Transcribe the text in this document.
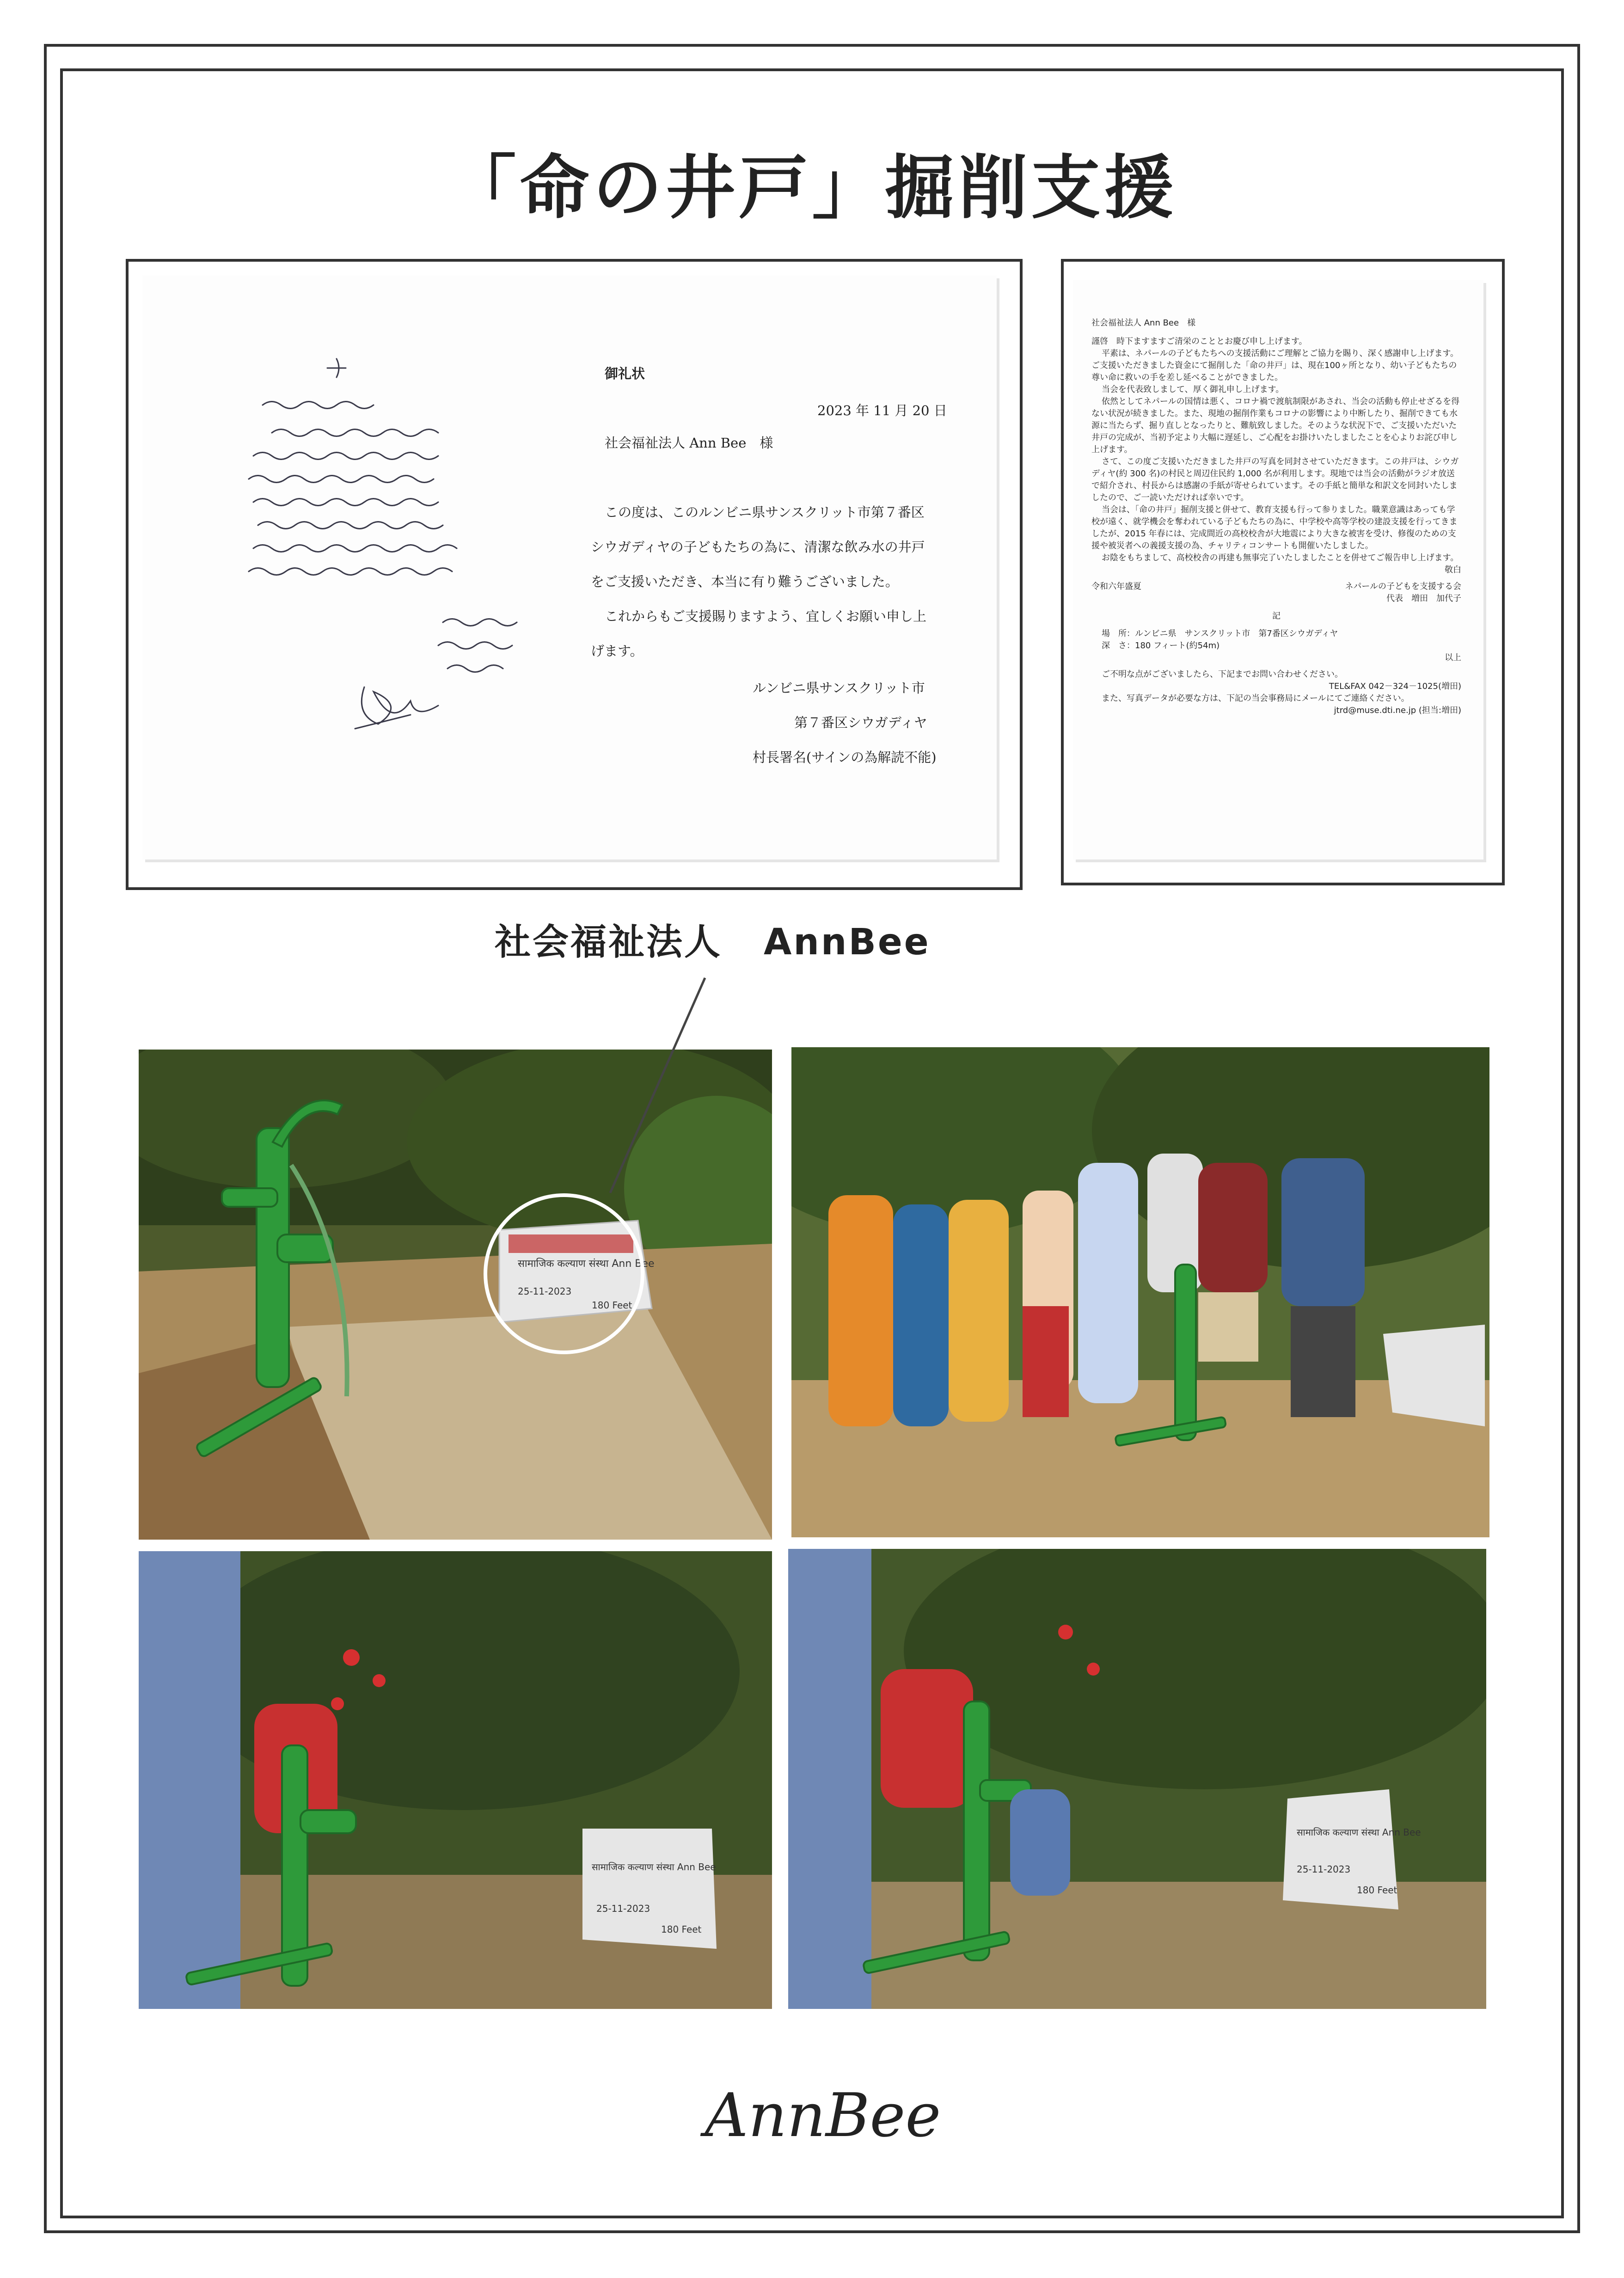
「命の井戸」掘削支援
御礼状
2023 年 11 月 20 日
社会福祉法人 Ann Bee　様
この度は、このルンビニ県サンスクリット市第７番区
シウガディヤの子どもたちの為に、清潔な飲み水の井戸
をご支援いただき、本当に有り難うございました。
これからもご支援賜りますよう、宜しくお願い申し上
げます。
ルンビニ県サンスクリット市
第７番区シウガディヤ
村長署名(サインの為解読不能)

社会福祉法人 Ann Bee　様

謹啓　時下ますますご清栄のこととお慶び申し上げます。

平素は、ネパールの子どもたちへの支援活動にご理解とご協力を賜り、深く感謝申し上げます。ご支援いただきました資金にて掘削した「命の井戸」は、現在100ヶ所となり、幼い子どもたちの尊い命に救いの手を差し延べることができました。

当会を代表致しまして、厚く御礼申し上げます。

依然としてネパールの国情は悪く、コロナ禍で渡航制限があされ、当会の活動も停止せざるを得ない状況が続きました。また、現地の掘削作業もコロナの影響により中断したり、掘削できても水源に当たらず、掘り直しとなったりと、難航致しました。そのような状況下で、ご支援いただいた井戸の完成が、当初予定より大幅に遅延し、ご心配をお掛けいたしましたことを心よりお詫び申し上げます。

さて、この度ご支援いただきました井戸の写真を同封させていただきます。この井戸は、シウガディヤ(約 300 名)の村民と周辺住民約 1,000 名が利用します。現地では当会の活動がラジオ放送で紹介され、村長からは感謝の手紙が寄せられています。その手紙と簡単な和訳文を同封いたしましたので、ご一読いただければ幸いです。

当会は、「命の井戸」掘削支援と併せて、教育支援も行って参りました。職業意識はあっても学校が遠く、就学機会を奪われている子どもたちの為に、中学校や高等学校の建設支援を行ってきましたが、2015 年春には、完成間近の高校校舎が大地震により大きな被害を受け、修復のための支援や被災者への義援支援の為、チャリティコンサートも開催いたしました。

お陰をもちまして、高校校舎の再建も無事完了いたしましたことを併せてご報告申し上げます。

敬白

令和六年盛夏	ネパールの子どもを支援する会

代表　増田　加代子

記

場　所：ルンビニ県　サンスクリット市　第7番区シウガディヤ

深　さ：180 フィート(約54m)

以上

ご不明な点がございましたら、下記までお問い合わせください。

TEL&FAX 042－324－1025(増田)

また、写真データが必要な方は、下記の当会事務局にメールにてご連絡ください。

jtrd@muse.dti.ne.jp (担当:増田)

社会福祉法人 AnnBee
सामाजिक कल्याण संस्था Ann Bee
25-11-2023
180 Feet
सामाजिक कल्याण संस्था Ann Bee
25-11-2023
180 Feet
सामाजिक कल्याण संस्था Ann Bee
25-11-2023
180 Feet
AnnBee
